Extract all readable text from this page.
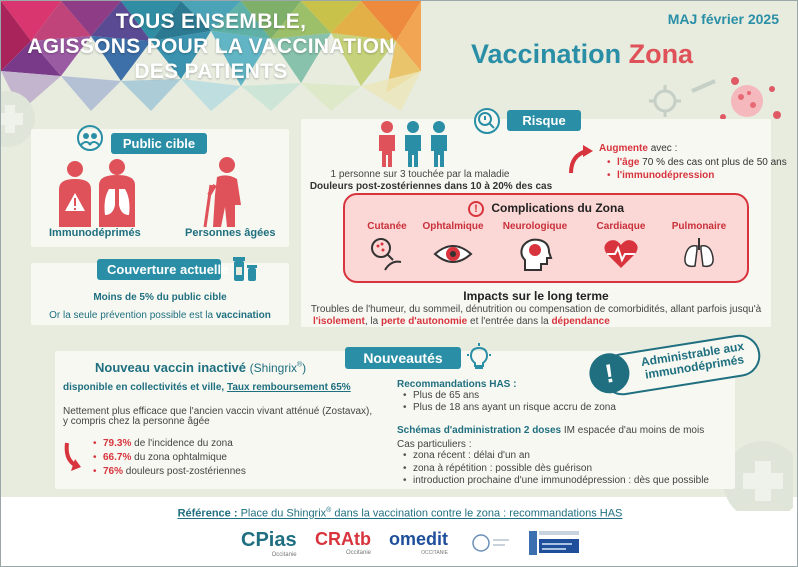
TOUS ENSEMBLE,
AGISSONS POUR LA VACCINATION
DES PATIENTS
MAJ février 2025
Vaccination Zona
Public cible
Immunodéprimés	Personnes âgées
Couverture actuelle
Moins de 5% du public cible
Or la seule prévention possible est la vaccination
Risque
1 personne sur 3 touchée par la maladie
Douleurs post-zostériennes dans 10 à 20% des cas
Augmente avec :
• l'âge 70 % des cas ont plus de 50 ans
• l'immunodépression
! Complications du Zona
Cutanée	Ophtalmique	Neurologique	Cardiaque	Pulmonaire
Impacts sur le long terme
Troubles de l'humeur, du sommeil, dénutrition ou compensation de comorbidités, allant parfois jusqu'à
l'isolement, la perte d'autonomie et l'entrée dans la dépendance
Nouveautés
Nouveau vaccin inactivé (Shingrix®)
disponible en collectivités et ville, Taux remboursement 65%
Nettement plus efficace que l'ancien vaccin vivant atténué (Zostavax),
y compris chez la personne âgée
• 79.3% de l'incidence du zona
• 66.7% du zona ophtalmique
• 76% douleurs post-zostériennes
Recommandations HAS :
• Plus de 65 ans
• Plus de 18 ans ayant un risque accru de zona
Schémas d'administration 2 doses IM espacée d'au moins de mois
Cas particuliers :
• zona récent : délai d'un an
• zona à répétition : possible dès guérison
• introduction prochaine d'une immunodépression : dès que possible
!
Administrable aux immunodéprimés
Référence : Place du Shingrix® dans la vaccination contre le zona : recommandations HAS
CPias
Occitanie
CRAtb
Occitanie
omedit
OCCITANIE
